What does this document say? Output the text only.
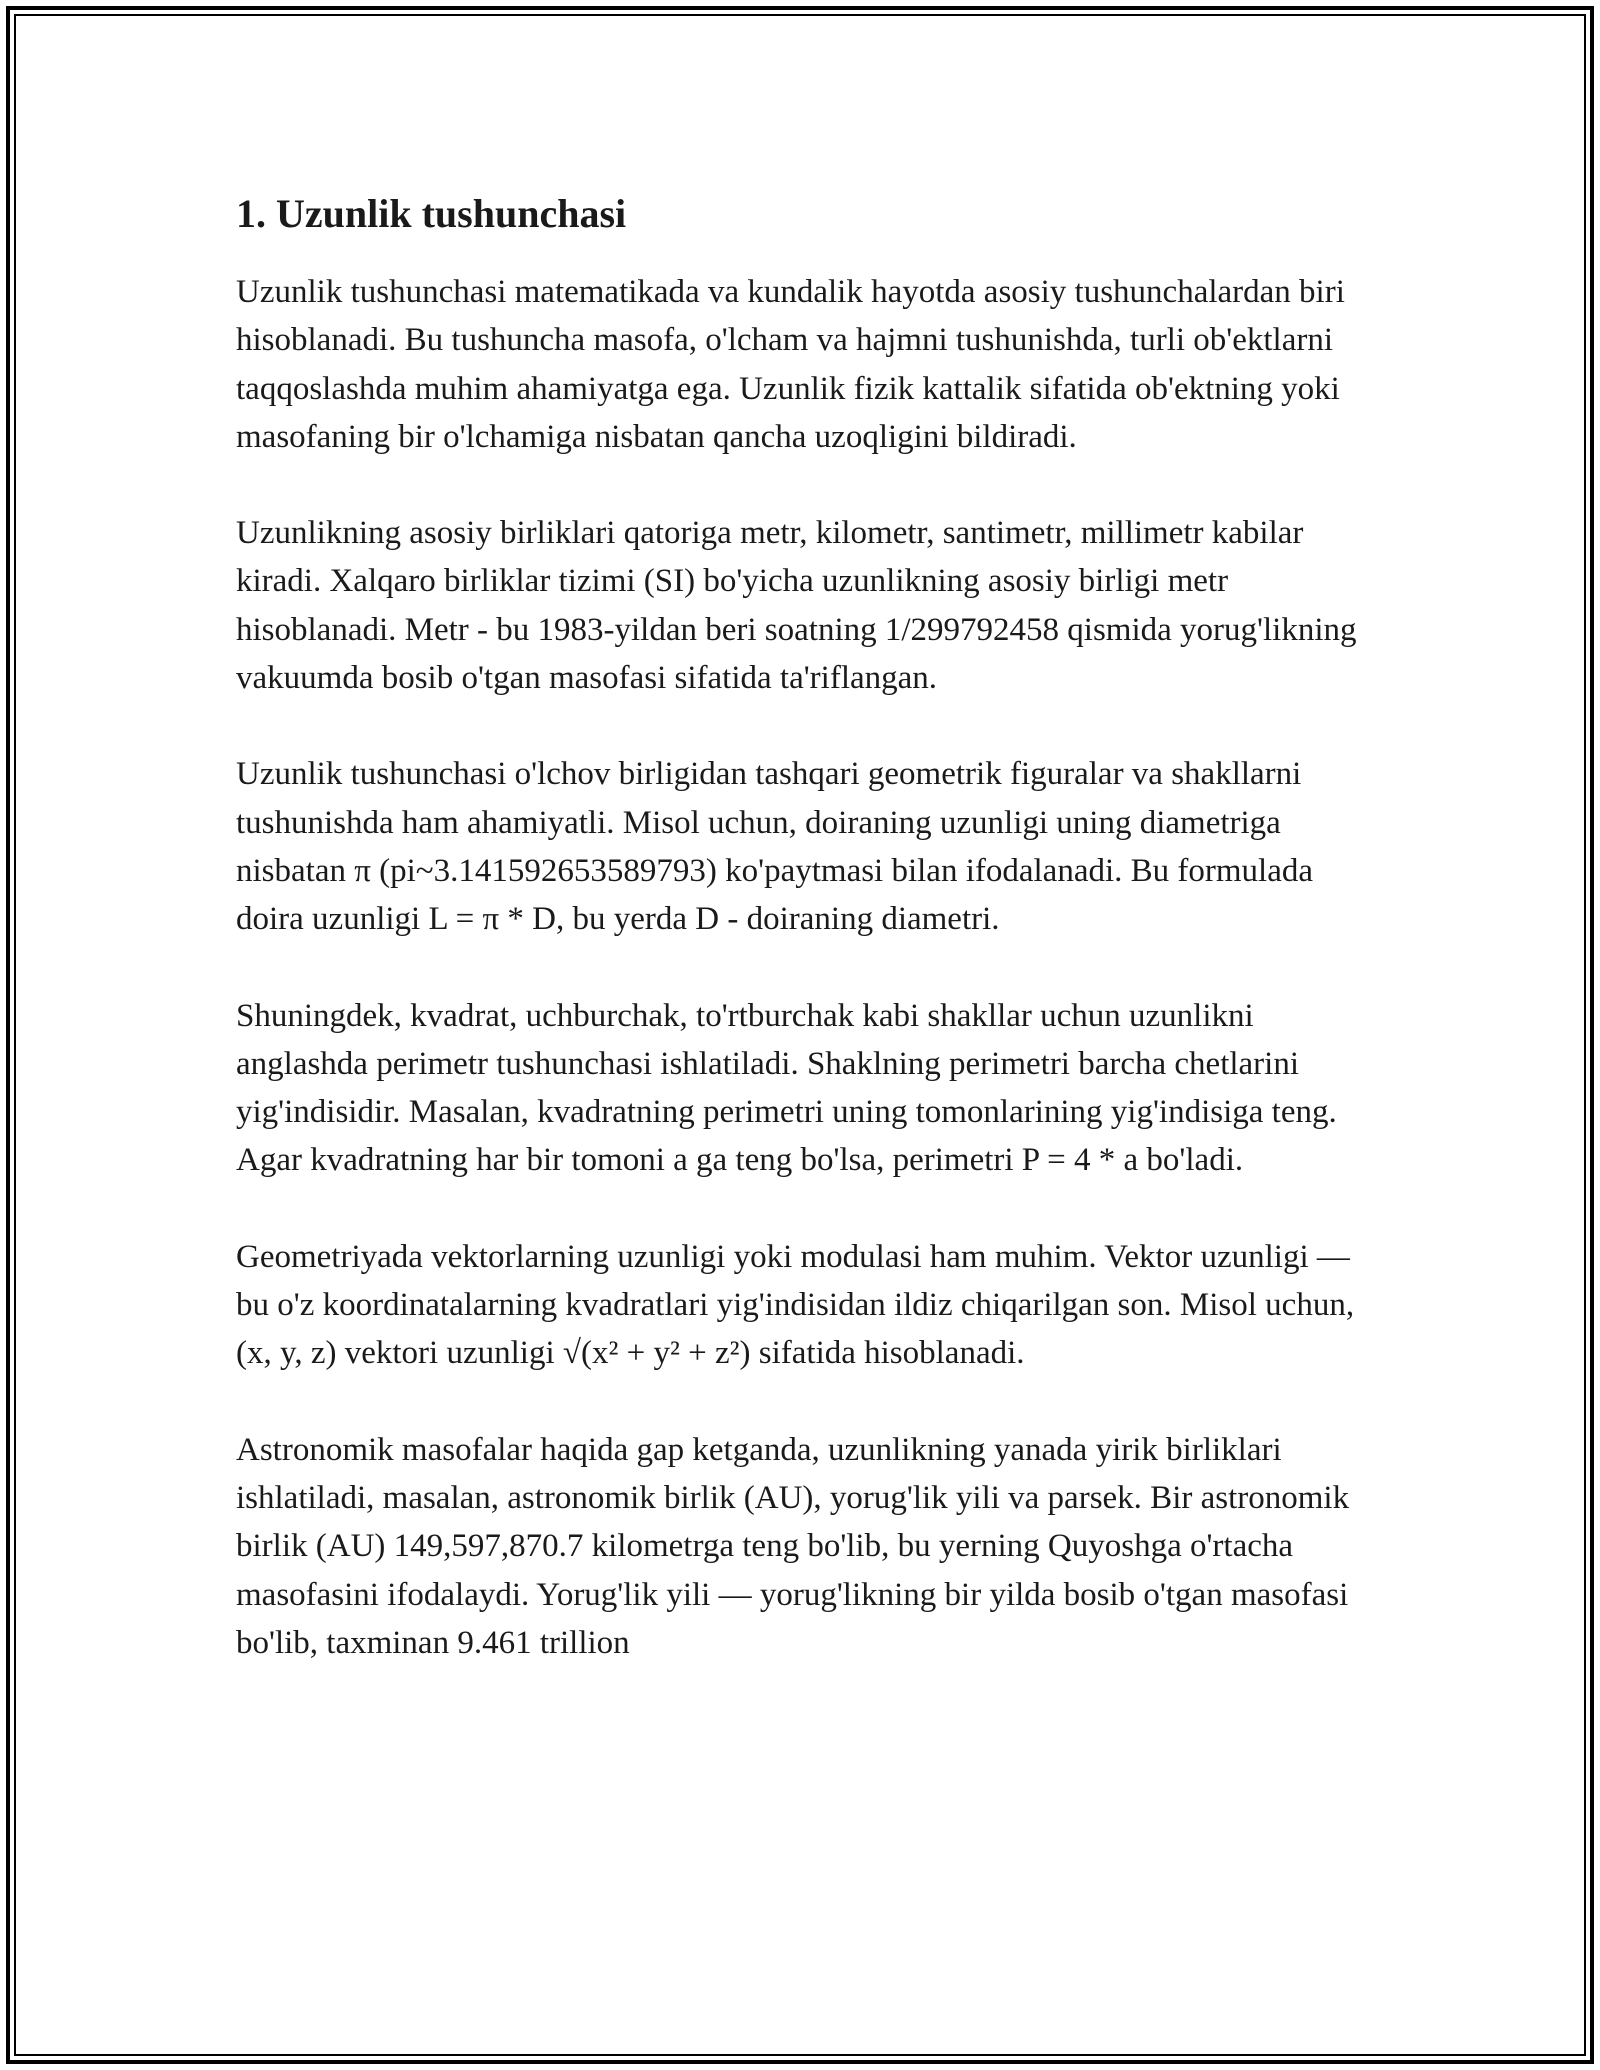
1. Uzunlik tushunchasi

Uzunlik tushunchasi matematikada va kundalik hayotda asosiy tushunchalardan biri hisoblanadi. Bu tushuncha masofa, o'lcham va hajmni tushunishda, turli ob'ektlarni taqqoslashda muhim ahamiyatga ega. Uzunlik fizik kattalik sifatida ob'ektning yoki masofaning bir o'lchamiga nisbatan qancha uzoqligini bildiradi.

Uzunlikning asosiy birliklari qatoriga metr, kilometr, santimetr, millimetr kabilar kiradi. Xalqaro birliklar tizimi (SI) bo'yicha uzunlikning asosiy birligi metr hisoblanadi. Metr - bu 1983-yildan beri soatning 1/299792458 qismida yorug'likning vakuumda bosib o'tgan masofasi sifatida ta'riflangan.

Uzunlik tushunchasi o'lchov birligidan tashqari geometrik figuralar va shakllarni tushunishda ham ahamiyatli. Misol uchun, doiraning uzunligi uning diametriga nisbatan π (pi~3.141592653589793) ko'paytmasi bilan ifodalanadi. Bu formulada doira uzunligi L = π * D, bu yerda D - doiraning diametri.

Shuningdek, kvadrat, uchburchak, to'rtburchak kabi shakllar uchun uzunlikni anglashda perimetr tushunchasi ishlatiladi. Shaklning perimetri barcha chetlarini yig'indisidir. Masalan, kvadratning perimetri uning tomonlarining yig'indisiga teng. Agar kvadratning har bir tomoni a ga teng bo'lsa, perimetri P = 4 * a bo'ladi.

Geometriyada vektorlarning uzunligi yoki modulasi ham muhim. Vektor uzunligi — bu o'z koordinatalarning kvadratlari yig'indisidan ildiz chiqarilgan son. Misol uchun, (x, y, z) vektori uzunligi √(x² + y² + z²) sifatida hisoblanadi.

Astronomik masofalar haqida gap ketganda, uzunlikning yanada yirik birliklari ishlatiladi, masalan, astronomik birlik (AU), yorug'lik yili va parsek. Bir astronomik birlik (AU) 149,597,870.7 kilometrga teng bo'lib, bu yerning Quyoshga o'rtacha masofasini ifodalaydi. Yorug'lik yili — yorug'likning bir yilda bosib o'tgan masofasi bo'lib, taxminan 9.461 trillion
